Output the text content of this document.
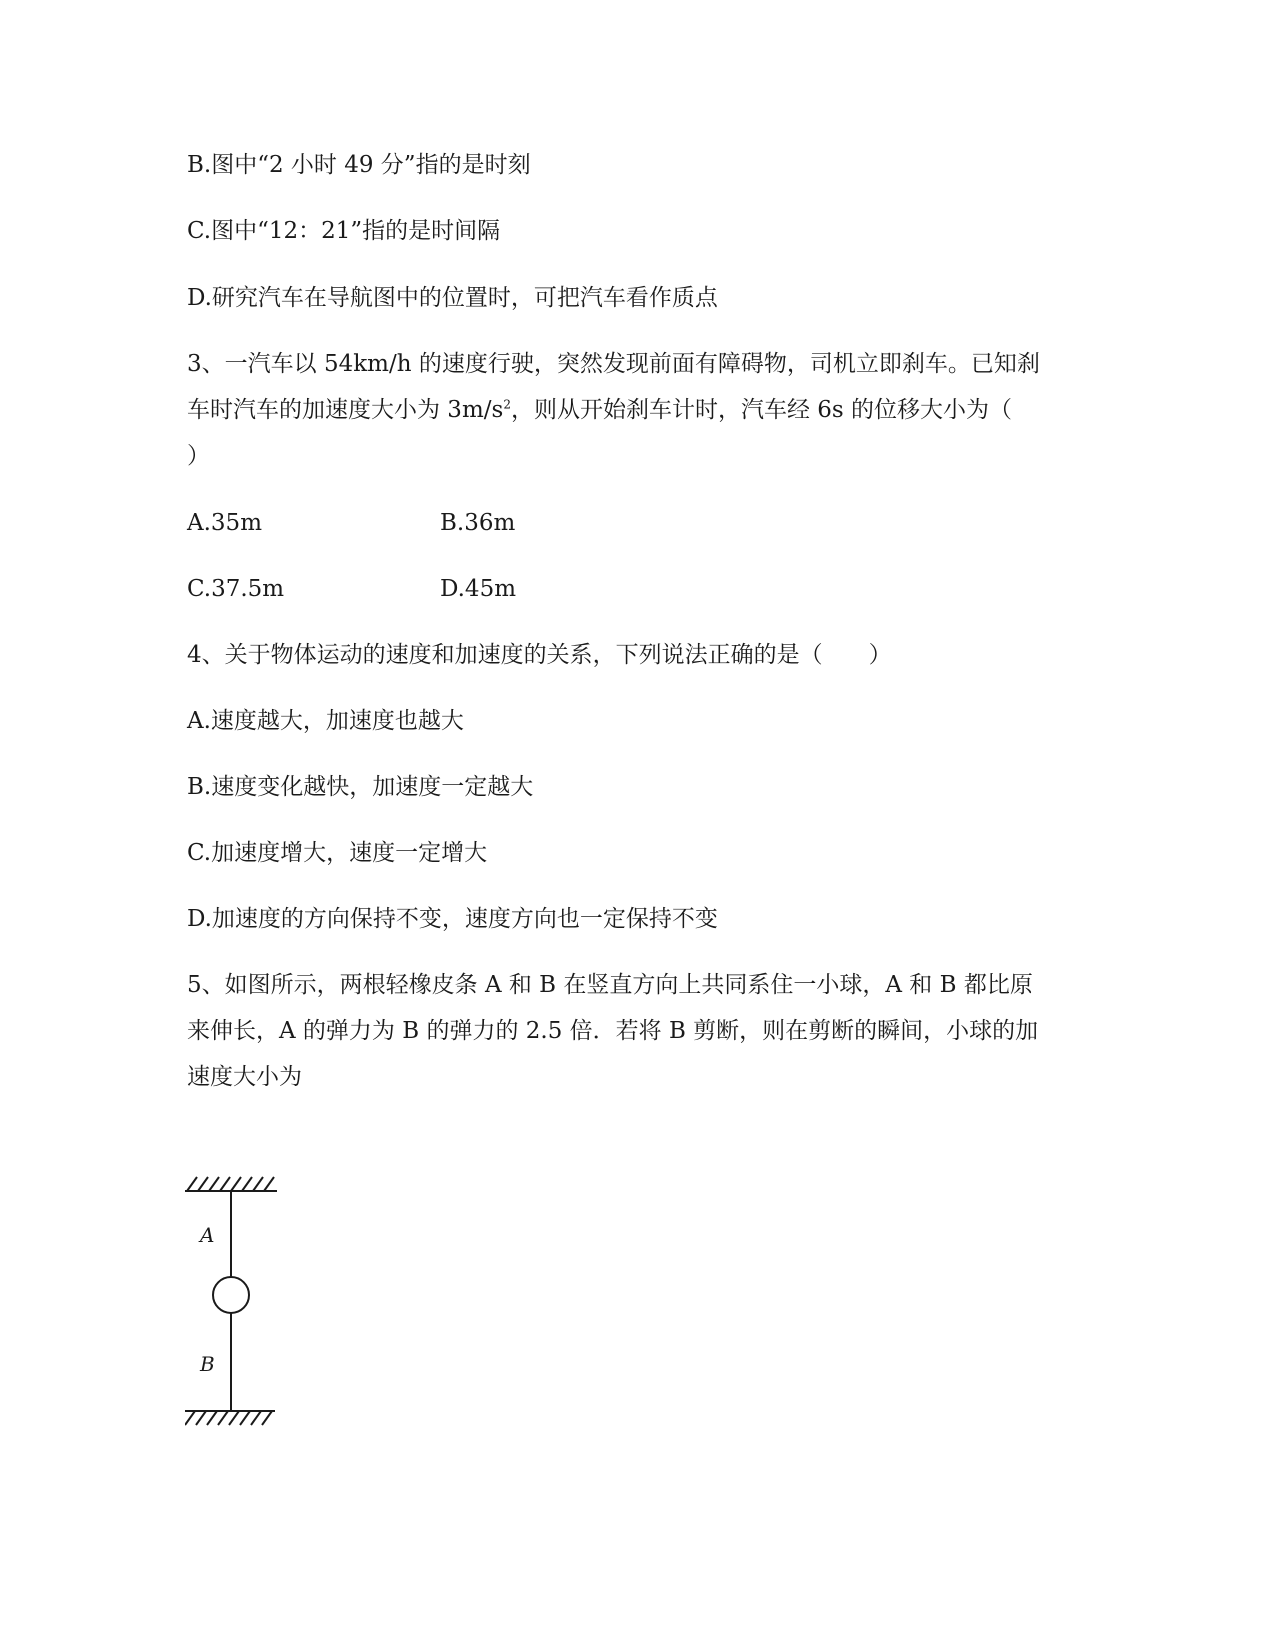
B.图中“2 小时 49 分”指的是时刻
C.图中“12：21”指的是时间隔
D.研究汽车在导航图中的位置时，可把汽车看作质点
3、一汽车以 54km/h 的速度行驶，突然发现前面有障碍物，司机立即刹车。已知刹
车时汽车的加速度大小为 $3m/s^2$，则从开始刹车计时，汽车经 6s 的位移大小为（
）
A.35m	B.36m
C.37.5m	D.45m
4、关于物体运动的速度和加速度的关系，下列说法正确的是（　　）
A.速度越大，加速度也越大
B.速度变化越快，加速度一定越大
C.加速度增大，速度一定增大
D.加速度的方向保持不变，速度方向也一定保持不变
5、如图所示，两根轻橡皮条 A 和 B 在竖直方向上共同系住一小球，A 和 B 都比原
来伸长，A 的弹力为 B 的弹力的 2.5 倍．若将 B 剪断，则在剪断的瞬间，小球的加
速度大小为
A
B
